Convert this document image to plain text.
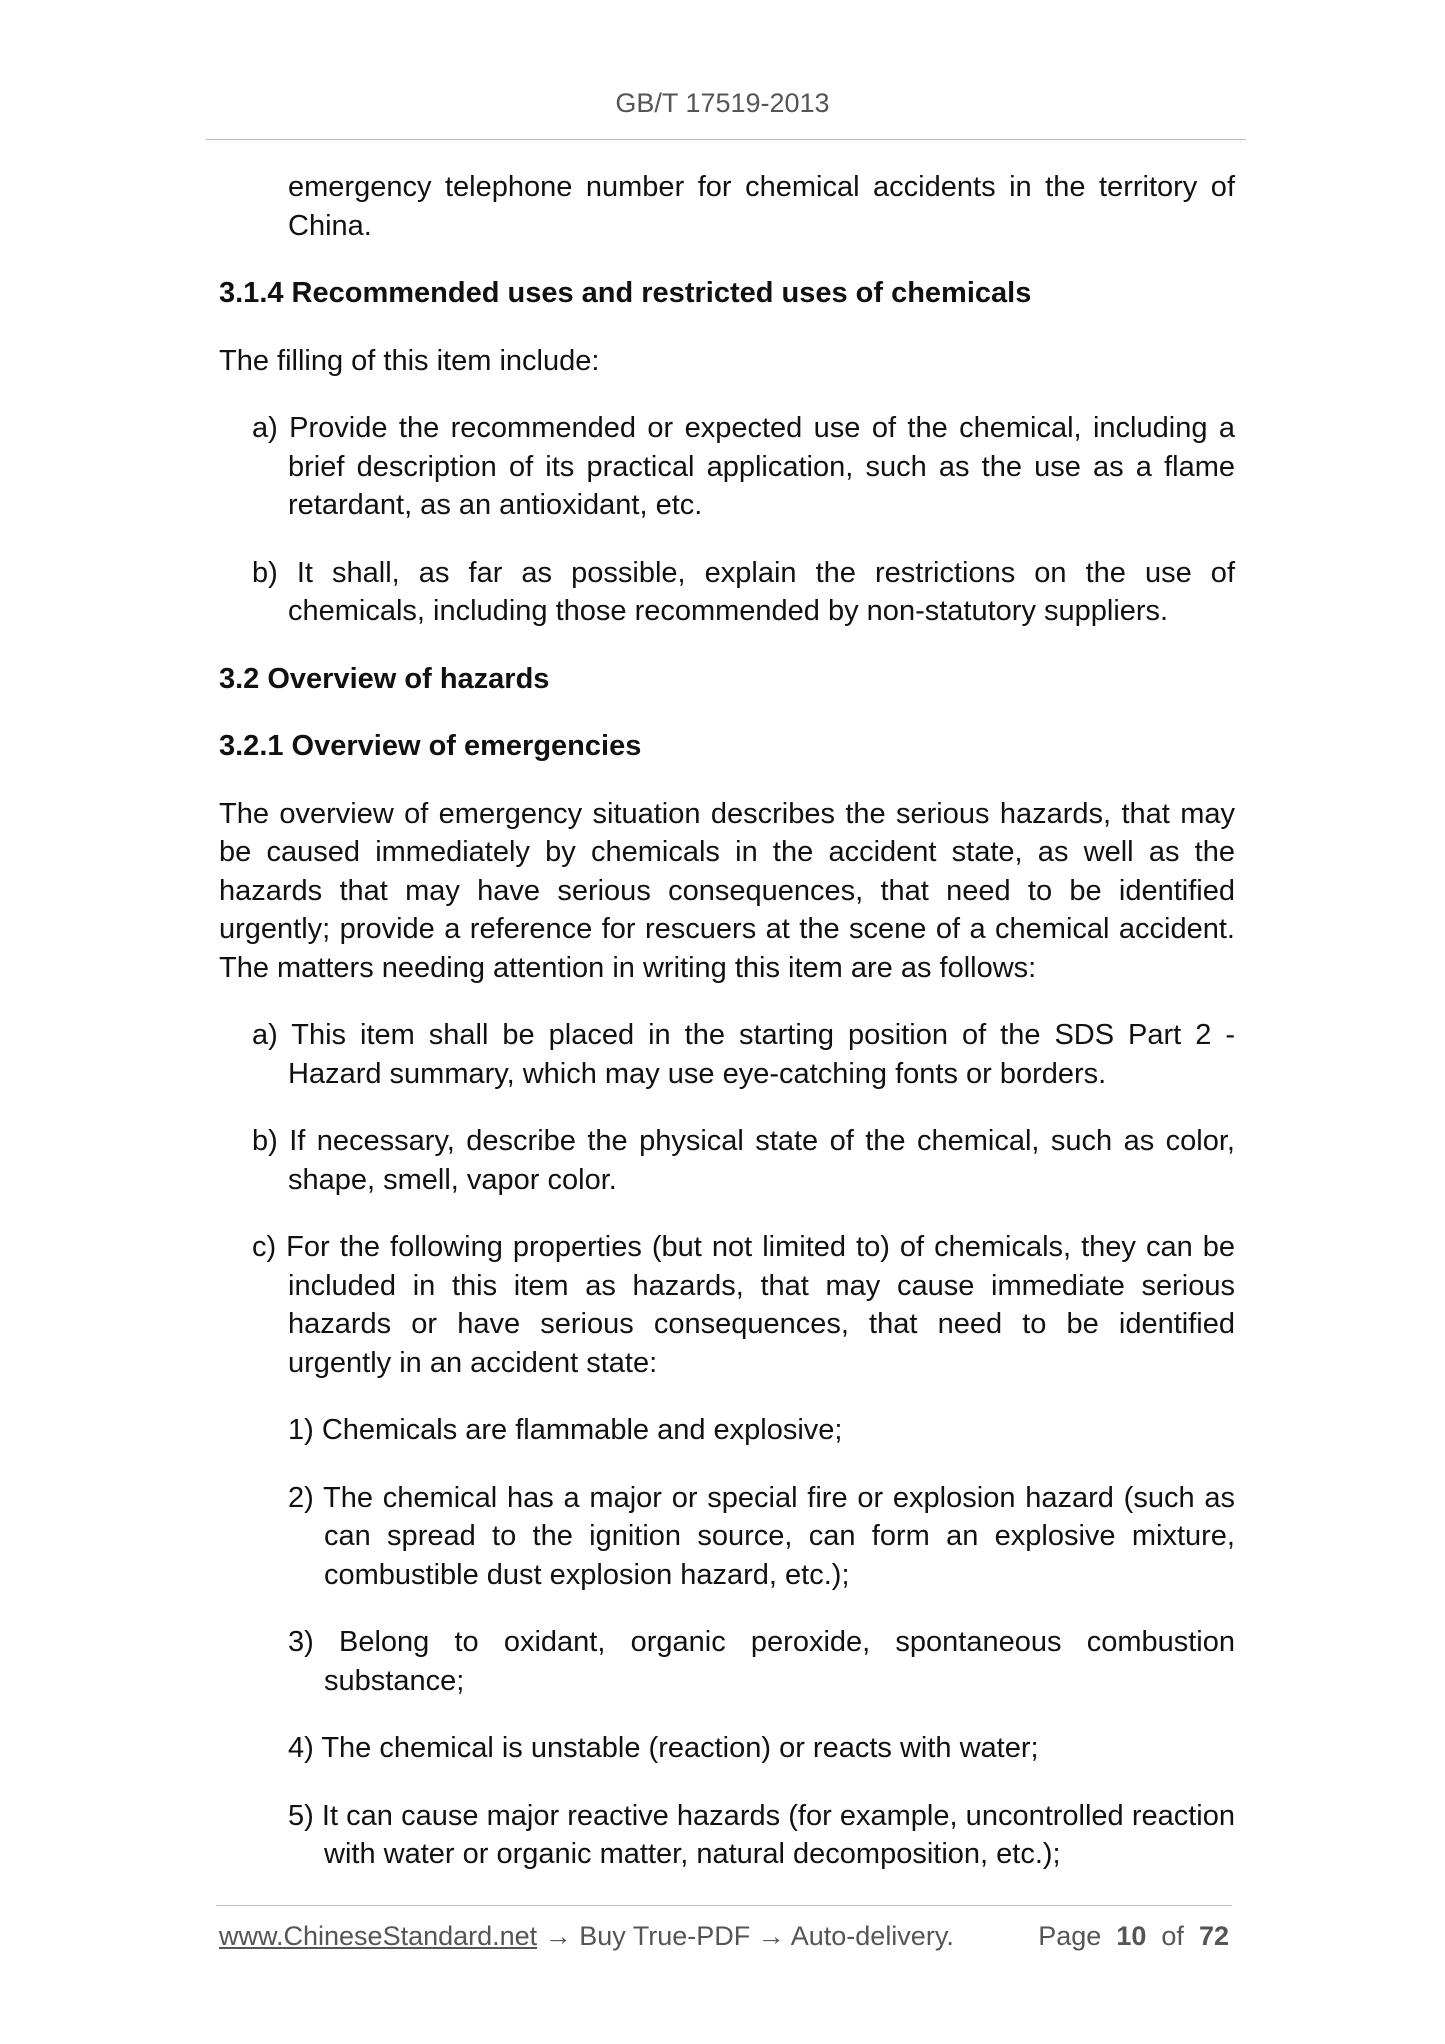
GB/T 17519-2013

emergency telephone number for chemical accidents in the territory of China.

3.1.4 Recommended uses and restricted uses of chemicals

The filling of this item include:

a) Provide the recommended or expected use of the chemical, including a brief description of its practical application, such as the use as a flame retardant, as an antioxidant, etc.

b) It shall, as far as possible, explain the restrictions on the use of chemicals, including those recommended by non-statutory suppliers.

3.2 Overview of hazards
3.2.1 Overview of emergencies

The overview of emergency situation describes the serious hazards, that may be caused immediately by chemicals in the accident state, as well as the hazards that may have serious consequences, that need to be identified urgently; provide a reference for rescuers at the scene of a chemical accident. The matters needing attention in writing this item are as follows:

a) This item shall be placed in the starting position of the SDS Part 2 - Hazard summary, which may use eye-catching fonts or borders.

b) If necessary, describe the physical state of the chemical, such as color, shape, smell, vapor color.

c) For the following properties (but not limited to) of chemicals, they can be included in this item as hazards, that may cause immediate serious hazards or have serious consequences, that need to be identified urgently in an accident state:

1) Chemicals are flammable and explosive;

2) The chemical has a major or special fire or explosion hazard (such as can spread to the ignition source, can form an explosive mixture, combustible dust explosion hazard, etc.);

3) Belong to oxidant, organic peroxide, spontaneous combustion substance;

4) The chemical is unstable (reaction) or reacts with water;

5) It can cause major reactive hazards (for example, uncontrolled reaction with water or organic matter, natural decomposition, etc.);

www.ChineseStandard.net → Buy True-PDF → Auto-delivery.	Page 10 of 72
